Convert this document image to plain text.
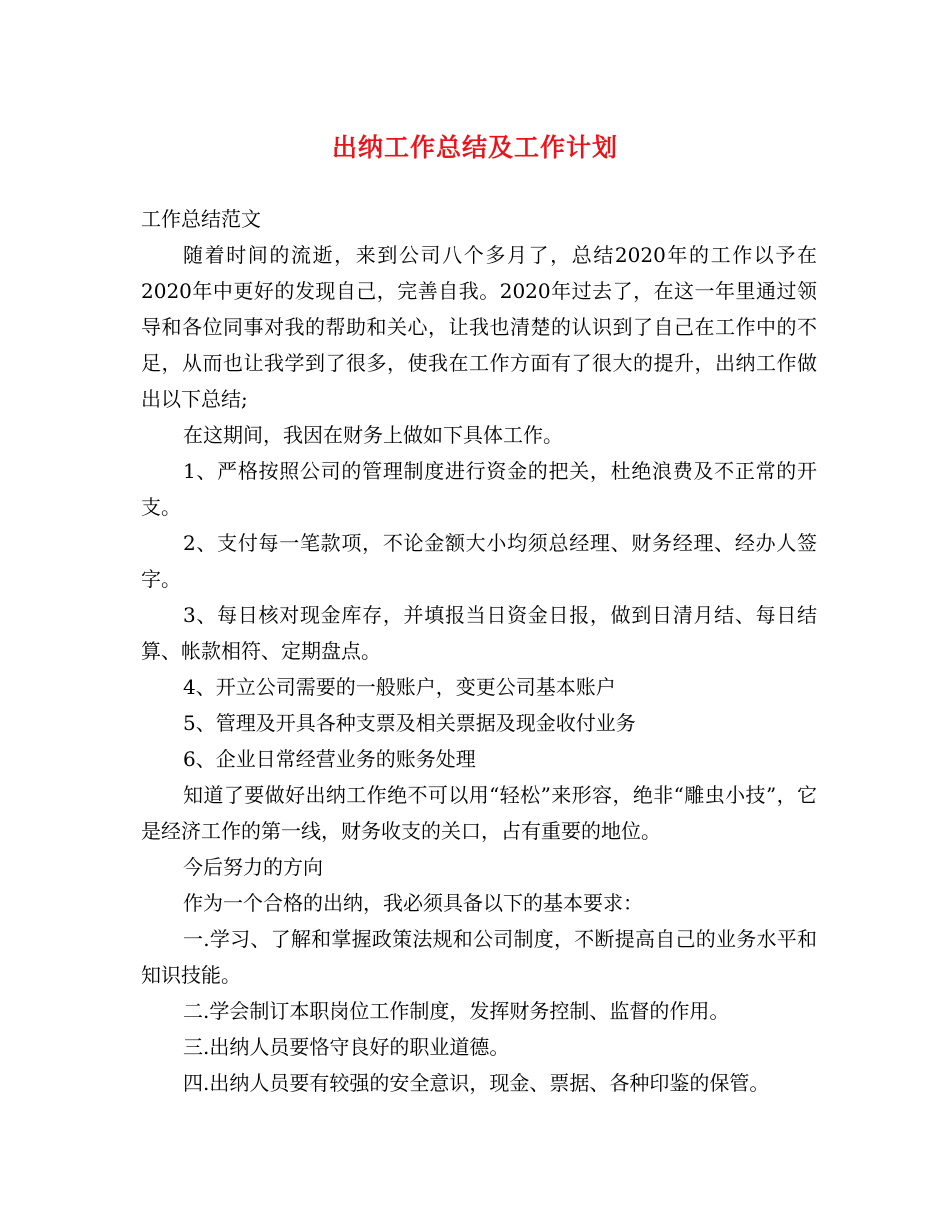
出纳工作总结及工作计划

工作总结范文

随着时间的流逝，来到公司八个多月了，总结2020年的工作以予在2020年中更好的发现自己，完善自我。2020年过去了，在这一年里通过领导和各位同事对我的帮助和关心，让我也清楚的认识到了自己在工作中的不足，从而也让我学到了很多，使我在工作方面有了很大的提升，出纳工作做出以下总结;

在这期间，我因在财务上做如下具体工作。

1、严格按照公司的管理制度进行资金的把关，杜绝浪费及不正常的开支。

2、支付每一笔款项，不论金额大小均须总经理、财务经理、经办人签字。

3、每日核对现金库存，并填报当日资金日报，做到日清月结、每日结算、帐款相符、定期盘点。

4、开立公司需要的一般账户，变更公司基本账户

5、管理及开具各种支票及相关票据及现金收付业务

6、企业日常经营业务的账务处理

知道了要做好出纳工作绝不可以用“轻松”来形容，绝非“雕虫小技”，它是经济工作的第一线，财务收支的关口，占有重要的地位。

今后努力的方向

作为一个合格的出纳，我必须具备以下的基本要求：

一.学习、了解和掌握政策法规和公司制度，不断提高自己的业务水平和知识技能。

二.学会制订本职岗位工作制度，发挥财务控制、监督的作用。

三.出纳人员要恪守良好的职业道德。

四.出纳人员要有较强的安全意识，现金、票据、各种印鉴的保管。
